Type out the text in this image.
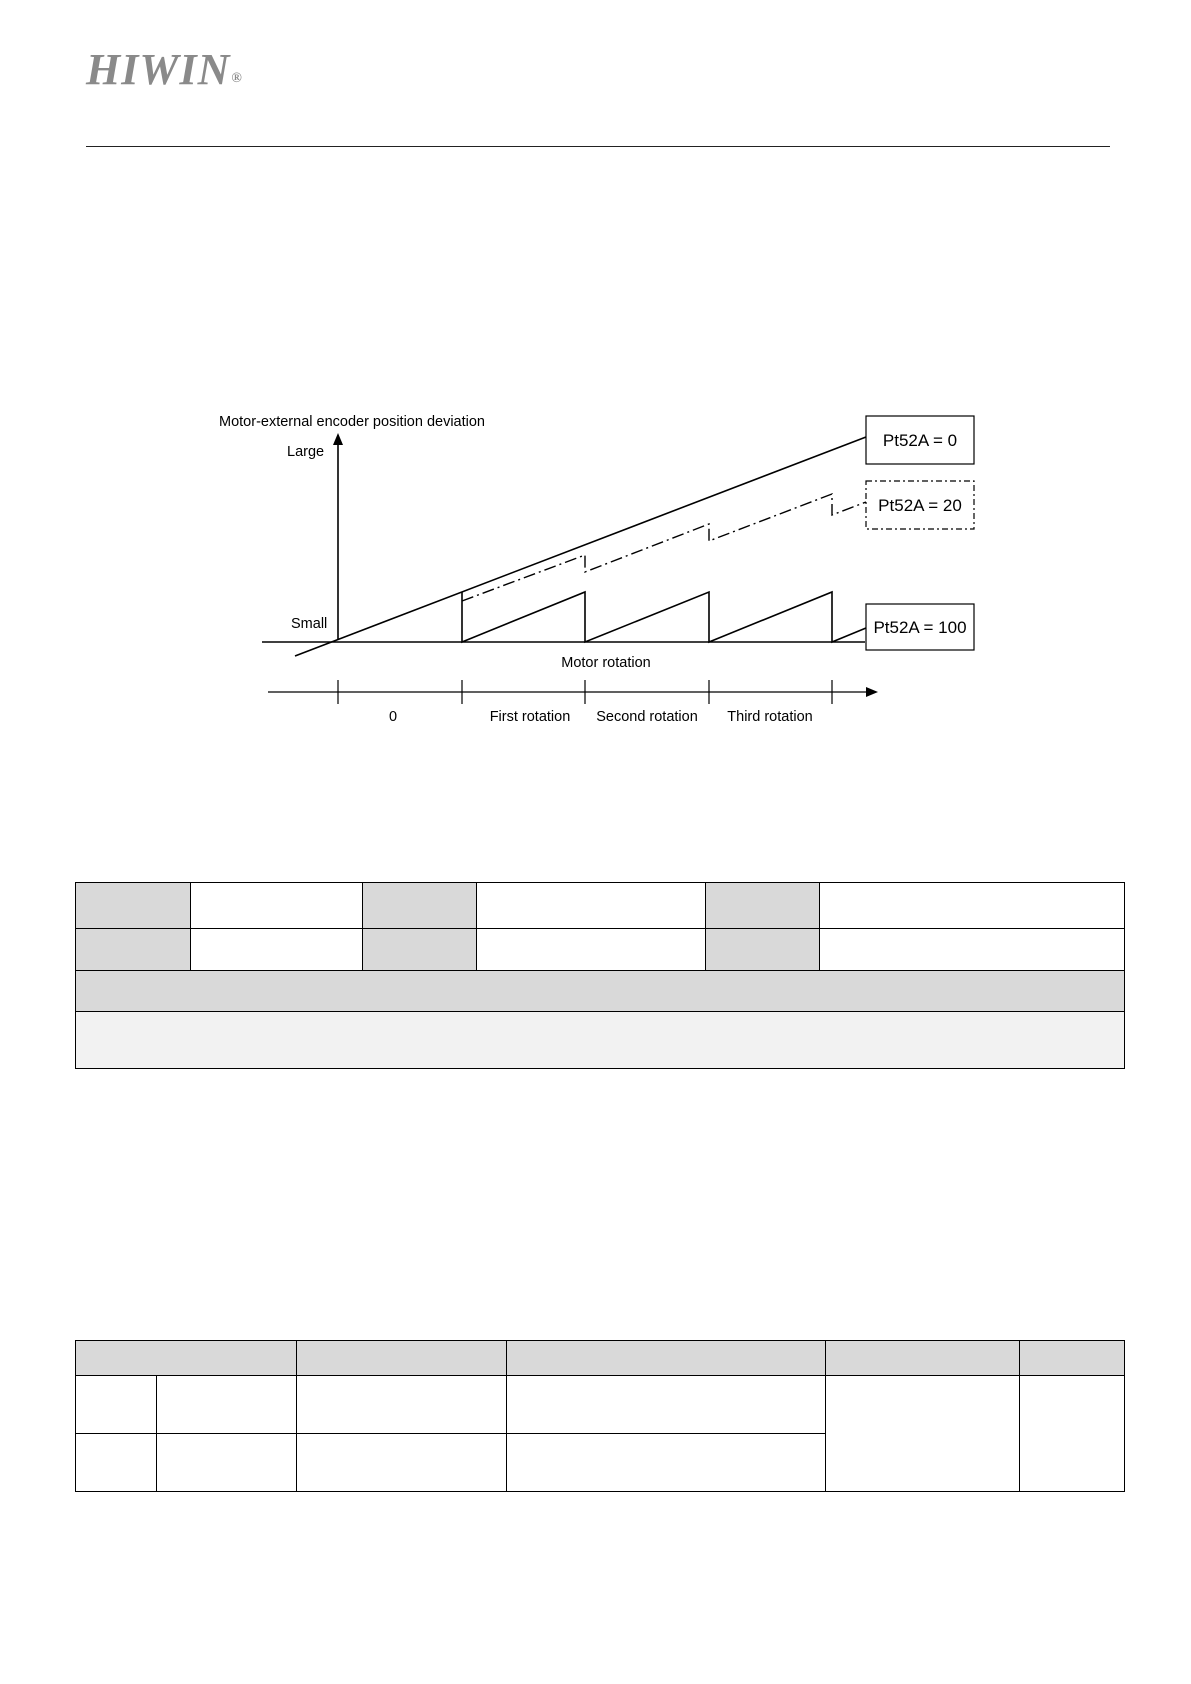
HIWIN®
Motor-external encoder position deviation
Large
Small
Motor rotation
0	First rotation Second rotation Third rotation
Pt52A = 0
Pt52A = 20
Pt52A = 100
